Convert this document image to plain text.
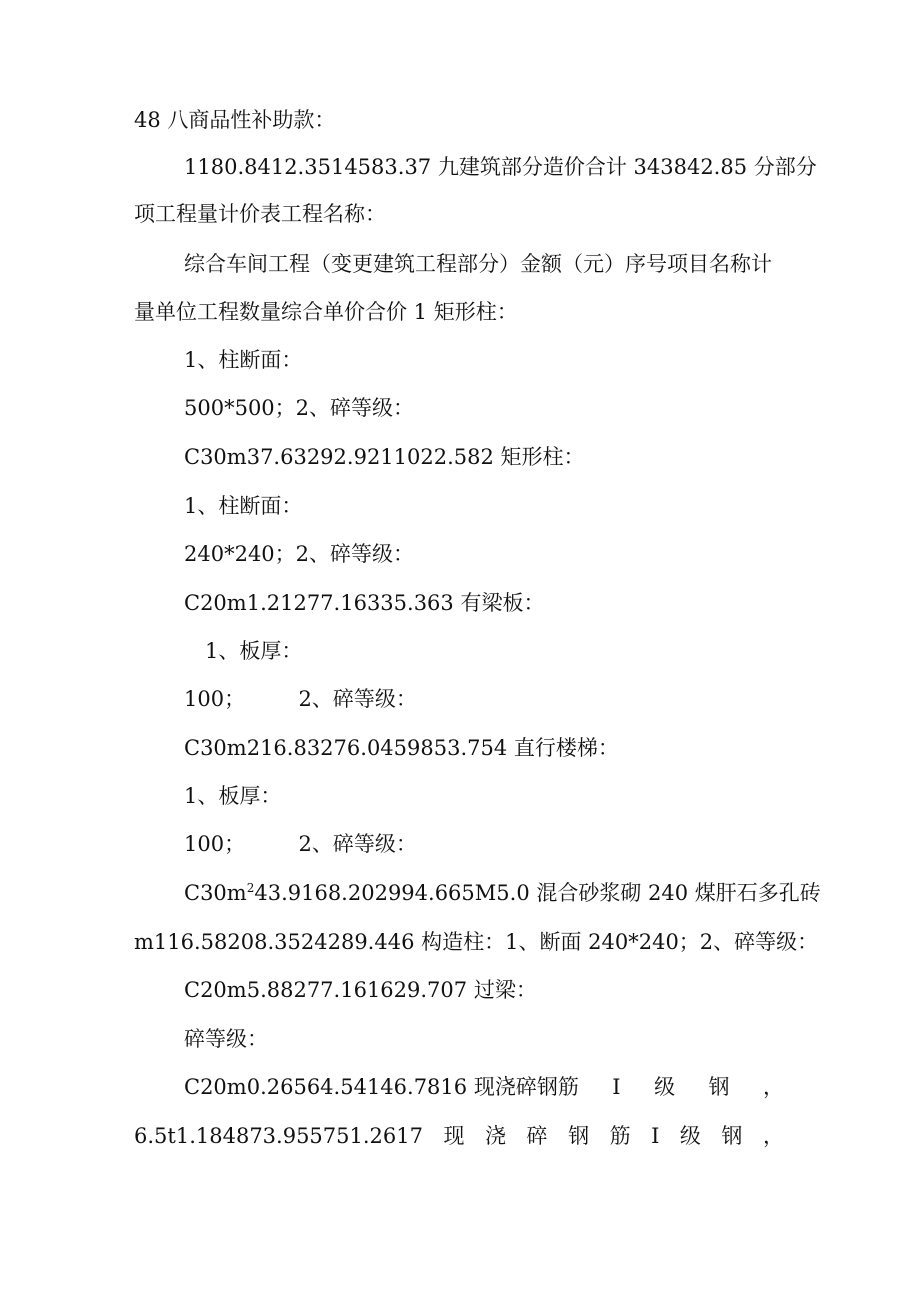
48 八商品性补助款：

1180.8412.3514583.37 九建筑部分造价合计 343842.85 分部分

项工程量计价表工程名称：

综合车间工程（变更建筑工程部分）金额（元）序号项目名称计

量单位工程数量综合单价合价 1 矩形柱：

1、柱断面：

500*500；2、碎等级：

C30m37.63292.9211022.582 矩形柱：

1、柱断面：

240*240；2、碎等级：

C20m1.21277.16335.363 有梁板：

1、板厚：

100；        2、碎等级：

C30m216.83276.0459853.754 直行楼梯：

1、板厚：

100；        2、碎等级：

$C30m^243.9168.202994.665M5.0$ 混合砂浆砌 240 煤肝石多孔砖

m116.58208.3524289.446 构造柱：1、断面 240*240；2、碎等级：

C20m5.88277.161629.707 过梁：

碎等级：

C20m0.26564.54146.7816 现浇碎钢筋 I 级 钢 ，
6.5t1.184873.955751.2617 现 浇 碎 钢 筋 I 级 钢 ，
